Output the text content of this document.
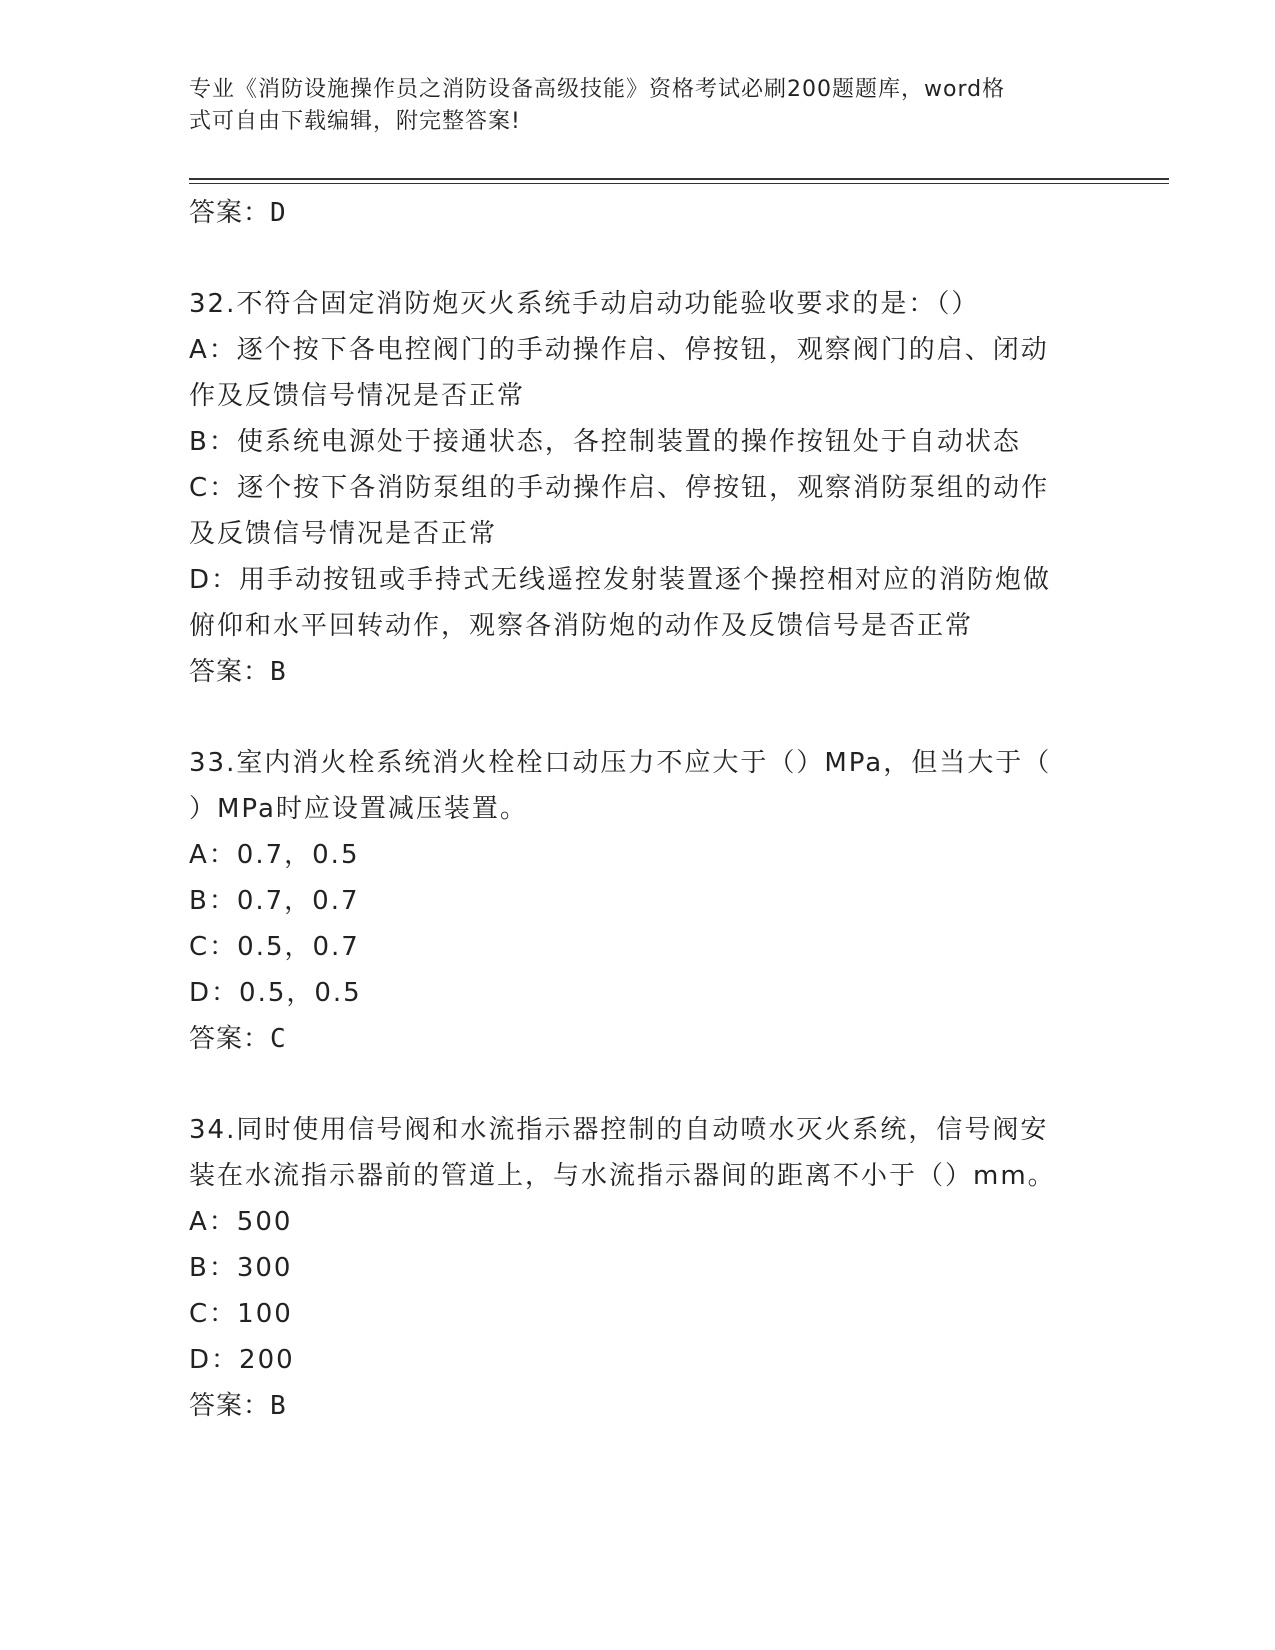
专业《消防设施操作员之消防设备高级技能》资格考试必刷200题题库，word格
式可自由下载编辑，附完整答案!
答案：D
32.不符合固定消防炮灭火系统手动启动功能验收要求的是：（）
A：逐个按下各电控阀门的手动操作启、停按钮，观察阀门的启、闭动
作及反馈信号情况是否正常
B：使系统电源处于接通状态，各控制装置的操作按钮处于自动状态
C：逐个按下各消防泵组的手动操作启、停按钮，观察消防泵组的动作
及反馈信号情况是否正常
D：用手动按钮或手持式无线遥控发射装置逐个操控相对应的消防炮做
俯仰和水平回转动作，观察各消防炮的动作及反馈信号是否正常
答案：B
33.室内消火栓系统消火栓栓口动压力不应大于（）MPa，但当大于（
）MPa时应设置减压装置。
A：0.7，0.5
B：0.7，0.7
C：0.5，0.7
D：0.5，0.5
答案：C
34.同时使用信号阀和水流指示器控制的自动喷水灭火系统，信号阀安
装在水流指示器前的管道上，与水流指示器间的距离不小于（）mm。
A：500
B：300
C：100
D：200
答案：B
